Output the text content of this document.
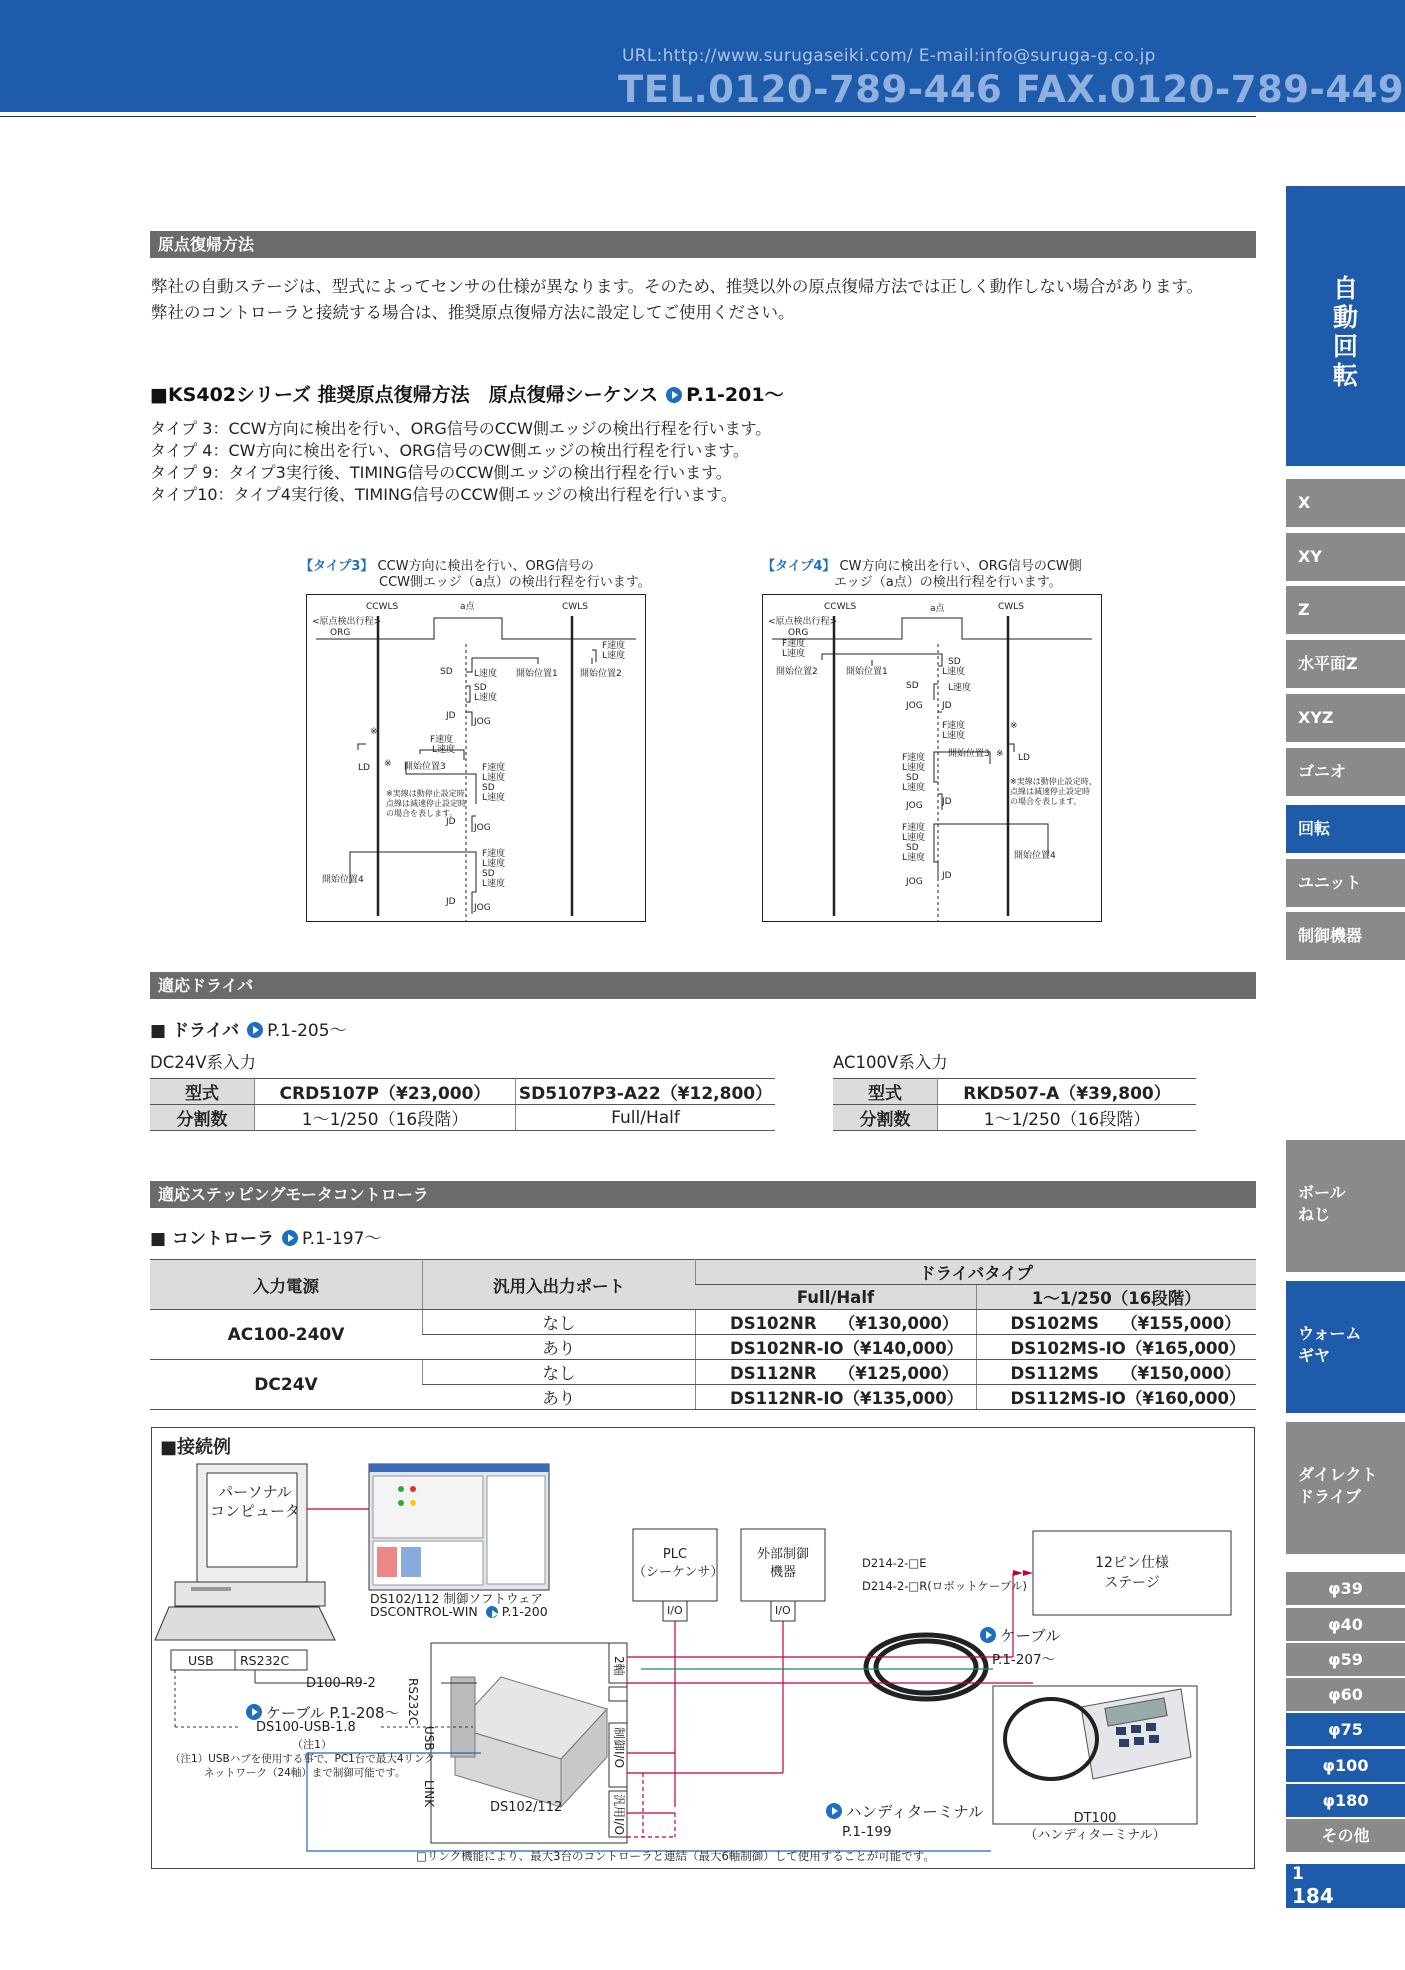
URL:http://www.surugaseiki.com/ E-mail:info@suruga-g.co.jp
TEL.0120-789-446 FAX.0120-789-449
自
動
回
転
X
XY
Z
水平面Z
XYZ
ゴニオ
回転
ユニット
制御機器
φ39
φ40
φ59
φ60
φ75
φ100
φ180
その他
ボール
ねじ
ウォーム
ギヤ
ダイレクト
ドライブ
1
184
原点復帰方法
弊社の自動ステージは、型式によってセンサの仕様が異なります。そのため、推奨以外の原点復帰方法では正しく動作しない場合があります。
弊社のコントローラと接続する場合は、推奨原点復帰方法に設定してご使用ください。
■KS402シリーズ 推奨原点復帰方法　原点復帰シーケンス P.1-201〜
タイプ 3：CCW方向に検出を行い、ORG信号のCCW側エッジの検出行程を行います。
タイプ 4：CW方向に検出を行い、ORG信号のCW側エッジの検出行程を行います。
タイプ 9：タイプ3実行後、TIMING信号のCCW側エッジの検出行程を行います。
タイプ10：タイプ4実行後、TIMING信号のCCW側エッジの検出行程を行います。
【タイプ3】 CCW方向に検出を行い、ORG信号の
CCW側エッジ（a点）の検出行程を行います。
CCWLS	a点	CWLS
<原点検出行程>
ORG
F速度
L速度
開始位置1 開始位置2
SD L速度
SD
L速度
JD
JOG
※
F速度
L速度
LD ※ 開始位置3	F速度
L速度
SD
L速度
JD
JOG
F速度
L速度
SD
L速度
開始位置4
JD
JOG
※実線は動停止設定時、点線は減速停止設定時の場合を表します。
【タイプ4】 CW方向に検出を行い、ORG信号のCW側
エッジ（a点）の検出行程を行います。
CCWLS	a点	CWLS
<原点検出行程>
ORG
F速度
L速度
開始位置2	開始位置1
SD
L速度
SD	L速度
JD
JOG
F速度
L速度
※
開始位置3 ※ LD
F速度
L速度
SD
L速度
JD
JOG
F速度
L速度
SD
L速度	開始位置4
JD
JOG
※実線は動停止設定時、点線は減速停止設定時の場合を表します。
適応ドライバ
■ ドライバ P.1-205〜
DC24V系入力	AC100V系入力
型式	CRD5107P（¥23,000）	SD5107P3-A22（¥12,800）
分割数	1〜1/250（16段階）	Full/Half
型式	RKD507-A（¥39,800）
分割数	1〜1/250（16段階）
適応ステッピングモータコントローラ
■ コントローラ P.1-197〜
入力電源	汎用入出力ポート	ドライバタイプ	
		Full/Half	1〜1/250（16段階）
AC100-240V	なし	DS102NR　 （¥130,000）	DS102MS　 （¥155,000）
	あり	DS102NR-IO（¥140,000）	DS102MS-IO（¥165,000）
DC24V	なし	DS112NR　 （¥125,000）	DS112MS　 （¥150,000）
	あり	DS112NR-IO（¥135,000）	DS112MS-IO（¥160,000）
■接続例
パーソナル
コンピュータ
DS102/112 制御ソフトウェア
DSCONTROL-WIN P.1-200
USB RS232C
D100-R9-2
ケーブル P.1-208〜
DS100-USB-1.8
（注1）
（注1）USBハブを使用する事で、PC1台で最大4リンク
ネットワーク（24軸）まで制御可能です。
RS232C
USB
LINK
2軸
制御I/O
汎用I/O
DS102/112
PLC
（シーケンサ）
I/O
外部制御
機器
I/O
D214-2-□E
D214-2-□R(ロボットケーブル)
12ピン仕様
ステージ
ケーブル
P.1-207〜
ハンディターミナル
P.1-199
DT100
（ハンディターミナル）
□リンク機能により、最大3台のコントローラと連結（最大6軸制御）して使用することが可能です。
